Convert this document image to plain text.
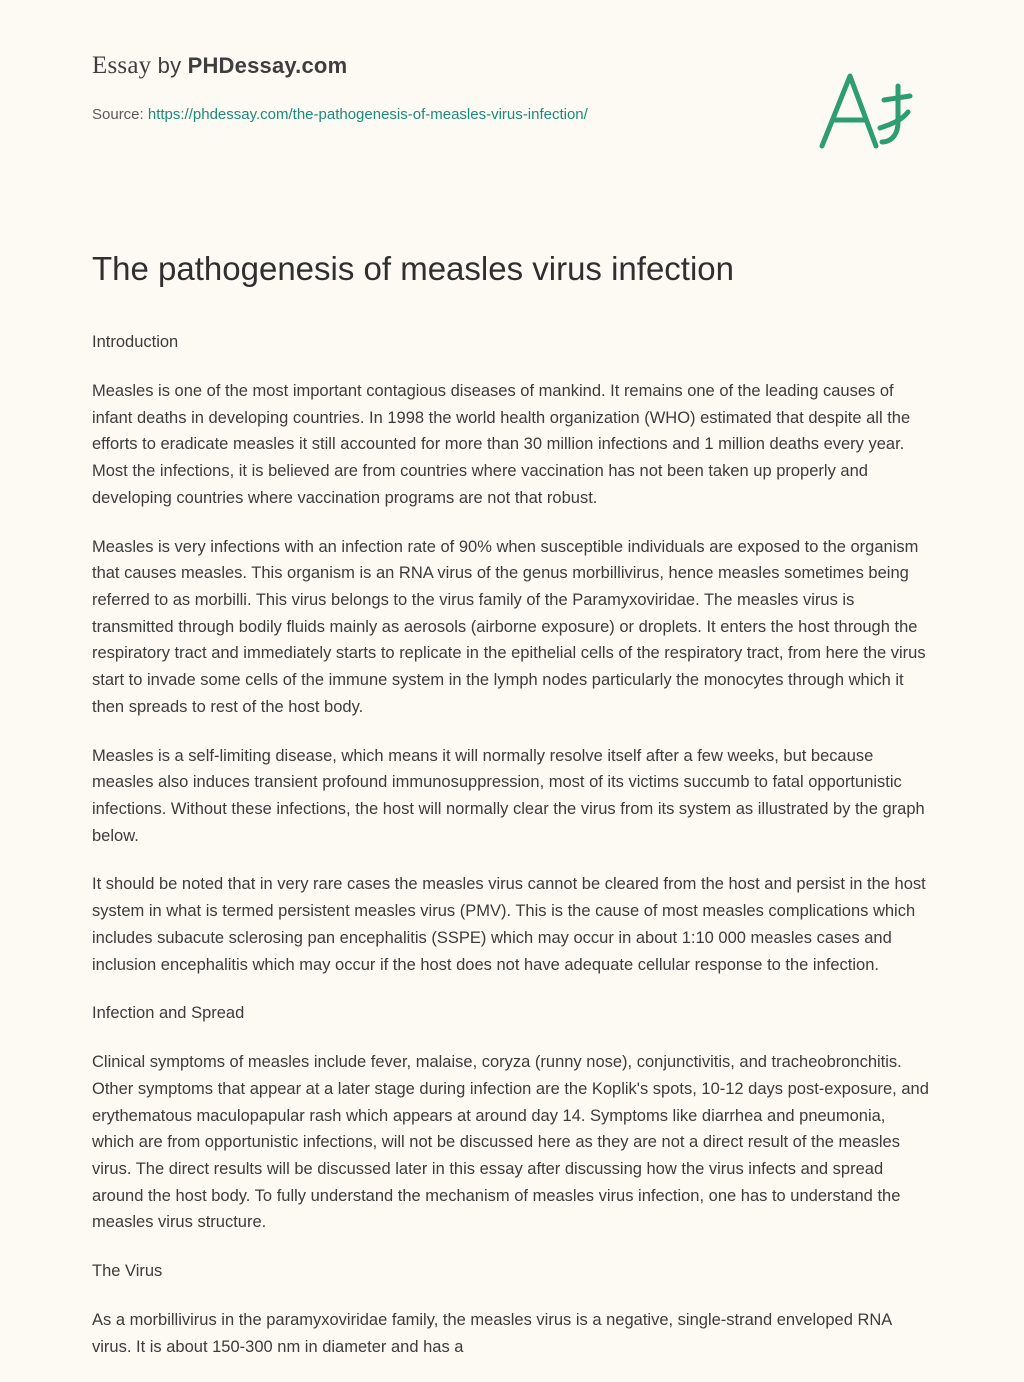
Essay by PHDessay.com
Source: https://phdessay.com/the-pathogenesis-of-measles-virus-infection/
The pathogenesis of measles virus infection

Introduction

Measles is one of the most important contagious diseases of mankind. It remains one of the leading causes of infant deaths in developing countries. In 1998 the world health organization (WHO) estimated that despite all the efforts to eradicate measles it still accounted for more than 30 million infections and 1 million deaths every year. Most the infections, it is believed are from countries where vaccination has not been taken up properly and developing countries where vaccination programs are not that robust.

Measles is very infections with an infection rate of 90% when susceptible individuals are exposed to the organism that causes measles. This organism is an RNA virus of the genus morbillivirus, hence measles sometimes being referred to as morbilli. This virus belongs to the virus family of the Paramyxoviridae. The measles virus is transmitted through bodily fluids mainly as aerosols (airborne exposure) or droplets. It enters the host through the respiratory tract and immediately starts to replicate in the epithelial cells of the respiratory tract, from here the virus start to invade some cells of the immune system in the lymph nodes particularly the monocytes through which it then spreads to rest of the host body.

Measles is a self-limiting disease, which means it will normally resolve itself after a few weeks, but because measles also induces transient profound immunosuppression, most of its victims succumb to fatal opportunistic infections. Without these infections, the host will normally clear the virus from its system as illustrated by the graph below.

It should be noted that in very rare cases the measles virus cannot be cleared from the host and persist in the host system in what is termed persistent measles virus (PMV). This is the cause of most measles complications which includes subacute sclerosing pan encephalitis (SSPE) which may occur in about 1:10 000 measles cases and inclusion encephalitis which may occur if the host does not have adequate cellular response to the infection.

Infection and Spread

Clinical symptoms of measles include fever, malaise, coryza (runny nose), conjunctivitis, and tracheobronchitis. Other symptoms that appear at a later stage during infection are the Koplik's spots, 10-12 days post-exposure, and erythematous maculopapular rash which appears at around day 14. Symptoms like diarrhea and pneumonia, which are from opportunistic infections, will not be discussed here as they are not a direct result of the measles virus. The direct results will be discussed later in this essay after discussing how the virus infects and spread around the host body. To fully understand the mechanism of measles virus infection, one has to understand the measles virus structure.

The Virus

As a morbillivirus in the paramyxoviridae family, the measles virus is a negative, single-strand enveloped RNA virus. It is about 150-300 nm in diameter and has a
